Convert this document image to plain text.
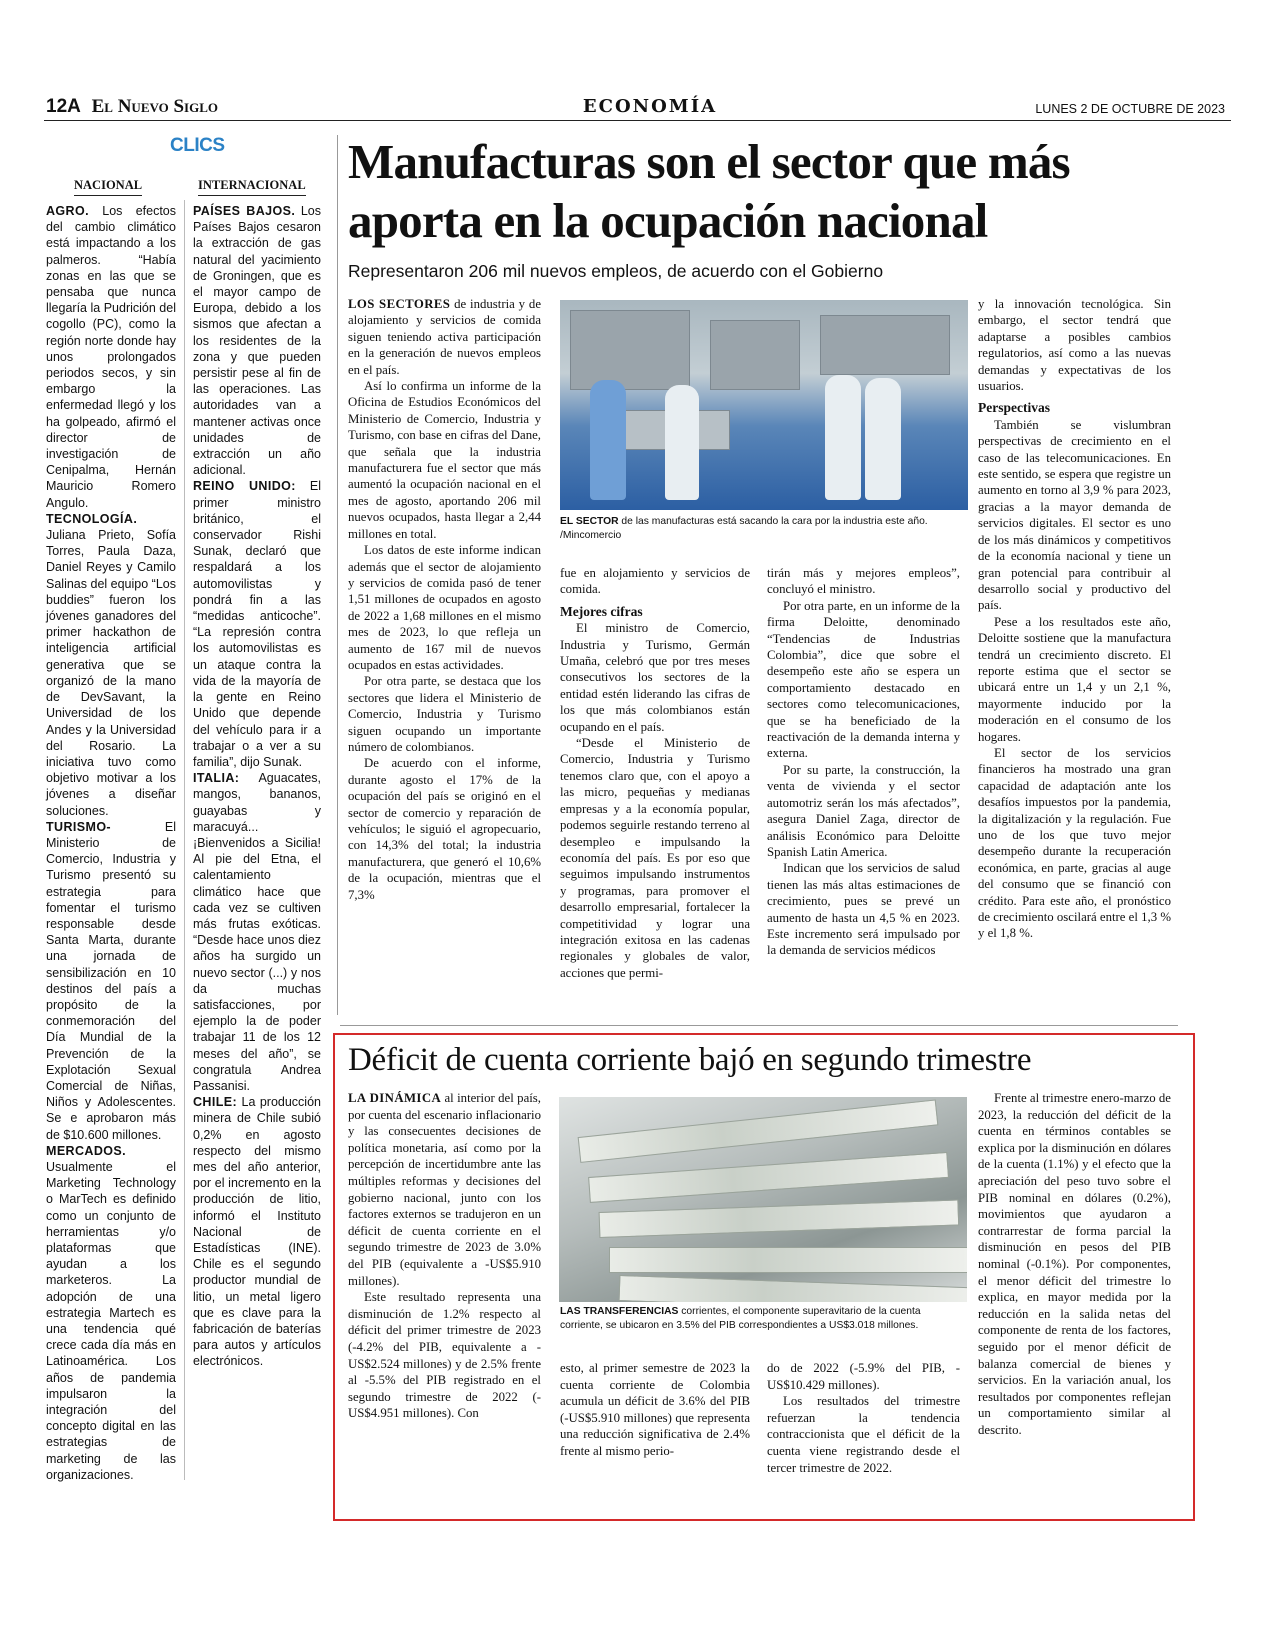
12A El Nuevo Siglo	ECONOMÍA	LUNES 2 DE OCTUBRE DE 2023
CLICS
NACIONAL	INTERNACIONAL

AGRO. Los efectos del cambio climático está impactando a los palmeros. “Había zonas en las que se pensaba que nunca llegaría la Pudrición del cogollo (PC), como la región norte donde hay unos prolongados periodos secos, y sin embargo la enfermedad llegó y los ha golpeado, afirmó el director de investigación de Cenipalma, Hernán Mauricio Romero Angulo.

TECNOLOGÍA. Juliana Prieto, Sofía Torres, Paula Daza, Daniel Reyes y Camilo Salinas del equipo “Los buddies” fueron los jóvenes ganadores del primer hackathon de inteligencia artificial generativa que se organizó de la mano de DevSavant, la Universidad de los Andes y la Universidad del Rosario. La iniciativa tuvo como objetivo motivar a los jóvenes a diseñar soluciones.

TURISMO- El Ministerio de Comercio, Industria y Turismo presentó su estrategia para fomentar el turismo responsable desde Santa Marta, durante una jornada de sensibilización en 10 destinos del país a propósito de la conmemoración del Día Mundial de la Prevención de la Explotación Sexual Comercial de Niñas, Niños y Adolescentes. Se e aprobaron más de $10.600 millones.

MERCADOS. Usualmente el Marketing Technology o MarTech es definido como un conjunto de herramientas y/o plataformas que ayudan a los marketeros. La adopción de una estrategia Martech es una tendencia qué crece cada día más en Latinoamérica. Los años de pandemia impulsaron la integración del concepto digital en las estrategias de marketing de las organizaciones.

PAÍSES BAJOS. Los Países Bajos cesaron la extracción de gas natural del yacimiento de Groningen, que es el mayor campo de Europa, debido a los sismos que afectan a los residentes de la zona y que pueden persistir pese al fin de las operaciones. Las autoridades van a mantener activas once unidades de extracción un año adicional.

REINO UNIDO: El primer ministro británico, el conservador Rishi Sunak, declaró que respaldará a los automovilistas y pondrá fin a las “medidas anticoche”. “La represión contra los automovilistas es un ataque contra la vida de la mayoría de la gente en Reino Unido que depende del vehículo para ir a trabajar o a ver a su familia”, dijo Sunak.

ITALIA: Aguacates, mangos, bananos, guayabas y maracuyá... ¡Bienvenidos a Sicilia! Al pie del Etna, el calentamiento climático hace que cada vez se cultiven más frutas exóticas. “Desde hace unos diez años ha surgido un nuevo sector (...) y nos da muchas satisfacciones, por ejemplo la de poder trabajar 11 de los 12 meses del año”, se congratula Andrea Passanisi.

CHILE: La producción minera de Chile subió 0,2% en agosto respecto del mismo mes del año anterior, por el incremento en la producción de litio, informó el Instituto Nacional de Estadísticas (INE). Chile es el segundo productor mundial de litio, un metal ligero que es clave para la fabricación de baterías para autos y artículos electrónicos.

Manufacturas son el sector que más aporta en la ocupación nacional
Representaron 206 mil nuevos empleos, de acuerdo con el Gobierno

LOS SECTORES de industria y de alojamiento y servicios de comida siguen teniendo activa participación en la generación de nuevos empleos en el país.

Así lo confirma un informe de la Oficina de Estudios Económicos del Ministerio de Comercio, Industria y Turismo, con base en cifras del Dane, que señala que la industria manufacturera fue el sector que más aumentó la ocupación nacional en el mes de agosto, aportando 206 mil nuevos ocupados, hasta llegar a 2,44 millones en total.

Los datos de este informe indican además que el sector de alojamiento y servicios de comida pasó de tener 1,51 millones de ocupados en agosto de 2022 a 1,68 millones en el mismo mes de 2023, lo que refleja un aumento de 167 mil de nuevos ocupados en estas actividades.

Por otra parte, se destaca que los sectores que lidera el Ministerio de Comercio, Industria y Turismo siguen ocupando un importante número de colombianos.

De acuerdo con el informe, durante agosto el 17% de la ocupación del país se originó en el sector de comercio y reparación de vehículos; le siguió el agropecuario, con 14,3% del total; la industria manufacturera, que generó el 10,6% de la ocupación, mientras que el 7,3%

EL SECTOR de las manufacturas está sacando la cara por la industria este año. /Mincomercio

fue en alojamiento y servicios de comida.

Mejores cifras

El ministro de Comercio, Industria y Turismo, Germán Umaña, celebró que por tres meses consecutivos los sectores de la entidad estén liderando las cifras de los que más colombianos están ocupando en el país.

“Desde el Ministerio de Comercio, Industria y Turismo tenemos claro que, con el apoyo a las micro, pequeñas y medianas empresas y a la economía popular, podemos seguirle restando terreno al desempleo e impulsando la economía del país. Es por eso que seguimos impulsando instrumentos y programas, para promover el desarrollo empresarial, fortalecer la competitividad y lograr una integración exitosa en las cadenas regionales y globales de valor, acciones que permi-

tirán más y mejores empleos”, concluyó el ministro.

Por otra parte, en un informe de la firma Deloitte, denominado “Tendencias de Industrias Colombia”, dice que sobre el desempeño este año se espera un comportamiento destacado en sectores como telecomunicaciones, que se ha beneficiado de la reactivación de la demanda interna y externa.

Por su parte, la construcción, la venta de vivienda y el sector automotriz serán los más afectados”, asegura Daniel Zaga, director de análisis Económico para Deloitte Spanish Latin America.

Indican que los servicios de salud tienen las más altas estimaciones de crecimiento, pues se prevé un aumento de hasta un 4,5 % en 2023. Este incremento será impulsado por la demanda de servicios médicos

y la innovación tecnológica. Sin embargo, el sector tendrá que adaptarse a posibles cambios regulatorios, así como a las nuevas demandas y expectativas de los usuarios.

Perspectivas

También se vislumbran perspectivas de crecimiento en el caso de las telecomunicaciones. En este sentido, se espera que registre un aumento en torno al 3,9 % para 2023, gracias a la mayor demanda de servicios digitales. El sector es uno de los más dinámicos y competitivos de la economía nacional y tiene un gran potencial para contribuir al desarrollo social y productivo del país.

Pese a los resultados este año, Deloitte sostiene que la manufactura tendrá un crecimiento discreto. El reporte estima que el sector se ubicará entre un 1,4 y un 2,1 %, mayormente inducido por la moderación en el consumo de los hogares.

El sector de los servicios financieros ha mostrado una gran capacidad de adaptación ante los desafíos impuestos por la pandemia, la digitalización y la regulación. Fue uno de los que tuvo mejor desempeño durante la recuperación económica, en parte, gracias al auge del consumo que se financió con crédito. Para este año, el pronóstico de crecimiento oscilará entre el 1,3 % y el 1,8 %.

Déficit de cuenta corriente bajó en segundo trimestre

LA DINÁMICA al interior del país, por cuenta del escenario inflacionario y las consecuentes decisiones de política monetaria, así como por la percepción de incertidumbre ante las múltiples reformas y decisiones del gobierno nacional, junto con los factores externos se tradujeron en un déficit de cuenta corriente en el segundo trimestre de 2023 de 3.0% del PIB (equivalente a -US$5.910 millones).

Este resultado representa una disminución de 1.2% respecto al déficit del primer trimestre de 2023 (-4.2% del PIB, equivalente a -US$2.524 millones) y de 2.5% frente al -5.5% del PIB registrado en el segundo trimestre de 2022 (-US$4.951 millones). Con

LAS TRANSFERENCIAS corrientes, el componente superavitario de la cuenta corriente, se ubicaron en 3.5% del PIB correspondientes a US$3.018 millones.

esto, al primer semestre de 2023 la cuenta corriente de Colombia acumula un déficit de 3.6% del PIB (-US$5.910 millones) que representa una reducción significativa de 2.4% frente al mismo perio-

do de 2022 (-5.9% del PIB, -US$10.429 millones).

Los resultados del trimestre refuerzan la tendencia contraccionista que el déficit de la cuenta viene registrando desde el tercer trimestre de 2022.

Frente al trimestre enero-marzo de 2023, la reducción del déficit de la cuenta en términos contables se explica por la disminución en dólares de la cuenta (1.1%) y el efecto que la apreciación del peso tuvo sobre el PIB nominal en dólares (0.2%), movimientos que ayudaron a contrarrestar de forma parcial la disminución en pesos del PIB nominal (-0.1%). Por componentes, el menor déficit del trimestre lo explica, en mayor medida por la reducción en la salida netas del componente de renta de los factores, seguido por el menor déficit de balanza comercial de bienes y servicios. En la variación anual, los resultados por componentes reflejan un comportamiento similar al descrito.
